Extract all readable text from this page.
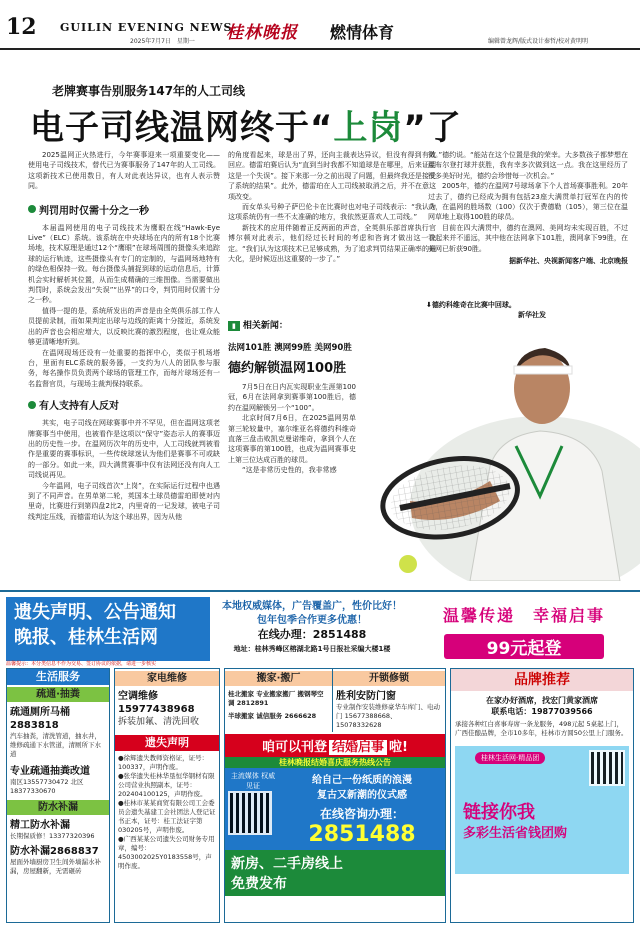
12 GUILIN EVENING NEWS
2025年7月7日　 星期一 桂林晚报 燃情体育	编辑曾龙辉/版式设计秦哲/校对黄明明
老牌赛事告别服务147年的人工司线
电子司线温网终于“上岗”了

2025温网正火热进行，今年赛事迎来一项重要变化——使用电子司线技术，替代已为赛事服务了147年的人工司线。这项新技术已使用数日，有人对此表达异议，也有人表示赞同。

判罚用时仅需十分之一秒

本届温网使用的电子司线技术为鹰眼在线“Hawk-Eye Live”（ELC）系统。该系统在中央球场在内的所有18个比赛场地，技术原理是通过12个“鹰眼”在球场周围的摄像头来追踪球的运行轨迹，这些摄像头有专门的定制的，与温网场地特有的绿色相保持一致。每台摄像头捕捉到球的运动信息后，计算机会实时解析其位置，从而生成精确的三维图像。当需要做出判罚时，系统会发出“失误”“出界”的口令，判罚用时仅需十分之一秒。

值得一提的是，系统所发出的声音是由全英俱乐部工作人员提前录制，而如果判定出球与边线的距离十分接近，系统发出的声音也会相应增大，以反映比赛的激烈程度，也让观众能够更清晰地听到。

在温网现场还设有一处重要的指挥中心，类似于机场塔台，里面有ELC系统的服务器，一支约为八人的团队参与服务，每名操作员负责两个球场的管理工作，而每片球场还有一名监督官员，与现场主裁判保持联系。

有人支持有人反对

其实，电子司线在网球赛事中并不罕见，但在温网这项老牌赛事当中使用，也被看作是这项以“保守”姿态示人的赛事迈出的历史性一步。在温网历次年的历史中，人工司线就判被看作是重要的赛事标识，一些传统球迷认为他们是赛事不可或缺的一部分。如此一来，四大满贯赛事中仅有法网还没有向人工司线说再见。

今年温网，电子司线首次“上岗”，在实际运行过程中也遇到了不同声音。在男单第二轮，英国本土球员德雷珀即使对内里奇，比赛进行到第四盘2比2，内里奇的一记发球，被电子司线判定压线，而德雷珀认为这个球出界，因为从他

的角度看起来，球是出了界，还向主裁表达异议，但没有得到有效回应。德雷珀赛后认为“直到当时我都不知道球是在哪里，后来证明这是一个失误”。接下来那一分之前出现了问题，但最终我还是接受了系统的结果”。此外，德雷珀在人工司线被取消之后，并不在意这项改变。

而女单头号种子萨巴伦卡在比赛时也对电子司线表示：“我认为这项系统仍有一些不太准确的地方，我依然更喜欢人工司线。”

新技术的应用伴随着正反两面的声音，全英俱乐部首席执行官博尔顿对此表示，他们经过长时间的考虑和咨询才做出这一决定。“我们认为这项技术已足够成熟，为了追求判罚结果正确率的最大化，是时候迈出这重要的一步了。”

微。”德约说。“能站在这个位置是我的荣幸。大多数孩子都梦想在温布尔登打球并获胜，我有幸多次做到这一点。我在这里经历了很多美好时光，德约会珍惜每一次机会。”

2005年，德约在温网7号球场拿下个人首场赛事胜利。20年过去了，德约已经成为拥有包括23座大满贯单打冠军在内的传奇，在温网的胜场数（100）仅次于费德勒（105），第三位在温网草地上取得100胜的球员。

目前在四大满贯中，德约在澳网、美网均未实现百胜，不过看起来并不遥远，其中他在法网拿下101胜，澳网拿下99胜，在美网已斩获90胜。

据新华社、央视新闻客户端、北京晚报
⬇德约科维奇在比赛中回球。
新华社发
▮ 相关新闻：
法网101胜 澳网99胜 美网90胜
德约解锁温网100胜

7月5日在日内瓦实现职业生涯第100冠，6月在法网拿到赛事第100胜后，德约在温网解锁另一个“100”。

北京时间7月6日，在2025温网男单第三轮较量中，塞尔维亚名将德约科维奇直落三盘击败凯克曼诺维奇，拿到个人在这项赛事的第100胜，也成为温网赛事史上第三位达成百胜的球员。

“这是非常历史性的，我非常感

遗失声明、公告通知
晚报、桂林生活网
本地权威媒体，广告覆盖广，性价比好！
包年包季合作更多优惠！
在线办理：2851488
地址：桂林秀峰区榕湖北路1号日报社采编大楼1楼
温馨传递　幸福启事
99元起登
温馨提示：本分类信息不作为交易、签订协议的依据，请进一步核实
生活服务
疏通·抽粪
疏通厕所马桶2883818
汽车抽粪，清洗管道，抽水井，维修疏通下水管道，清厕所下水道
专业疏通抽粪改道
南区13557730472 北区18377330670
防水补漏
精工防水补漏
长期保质修！13377320396
防水补漏2868837
屋面外墙厨房卫生间外墙漏水补漏，房屋翻新，无需砸砖
家电维修
空调维修15977438968
拆装加氟、清洗回收
遗失声明
●徐辉遗失教师资格证，证号：100337，声明作废。
●张华遗失桂林华垦恒华钢材有限公司营业执照副本，证号：202404100125，声明作废。
●桂林市某某商贸有限公司工会委员会遗失基建工会社团法人登记证书正本，证号：桂工法证字第030205号，声明作废。
●广西某某公司遗失公司财务专用章，编号：4503002025Y0183558号，声明作废。
搬家·搬厂
桂北搬家 专业搬家搬厂 搬钢琴空调 2812891
半球搬家 诚信服务 2666628
开锁修锁
胜利安防门窗
专业制作安装维修豪华车库门、电动门 15677388668、15078332628
咱可以刊登 结婚启事 啦!
桂林晚报结婚喜庆服务热线公告
主流媒体 权威见证	给自己一份纸质的浪漫
复古又新潮的仪式感
在线咨询办理：
2851488
新房、二手房线上
免费发布
品牌推荐
在家办好酒席，找宏门黄家酒席
联系电话：19877039566
承接各种红白喜事寿席一条龙服务，498元起 5桌起上门，广西佳酿品牌，全市10多年，桂林市方圆50公里上门服务。
桂林生活网·精品团
链接你我
多彩生活省钱团购
